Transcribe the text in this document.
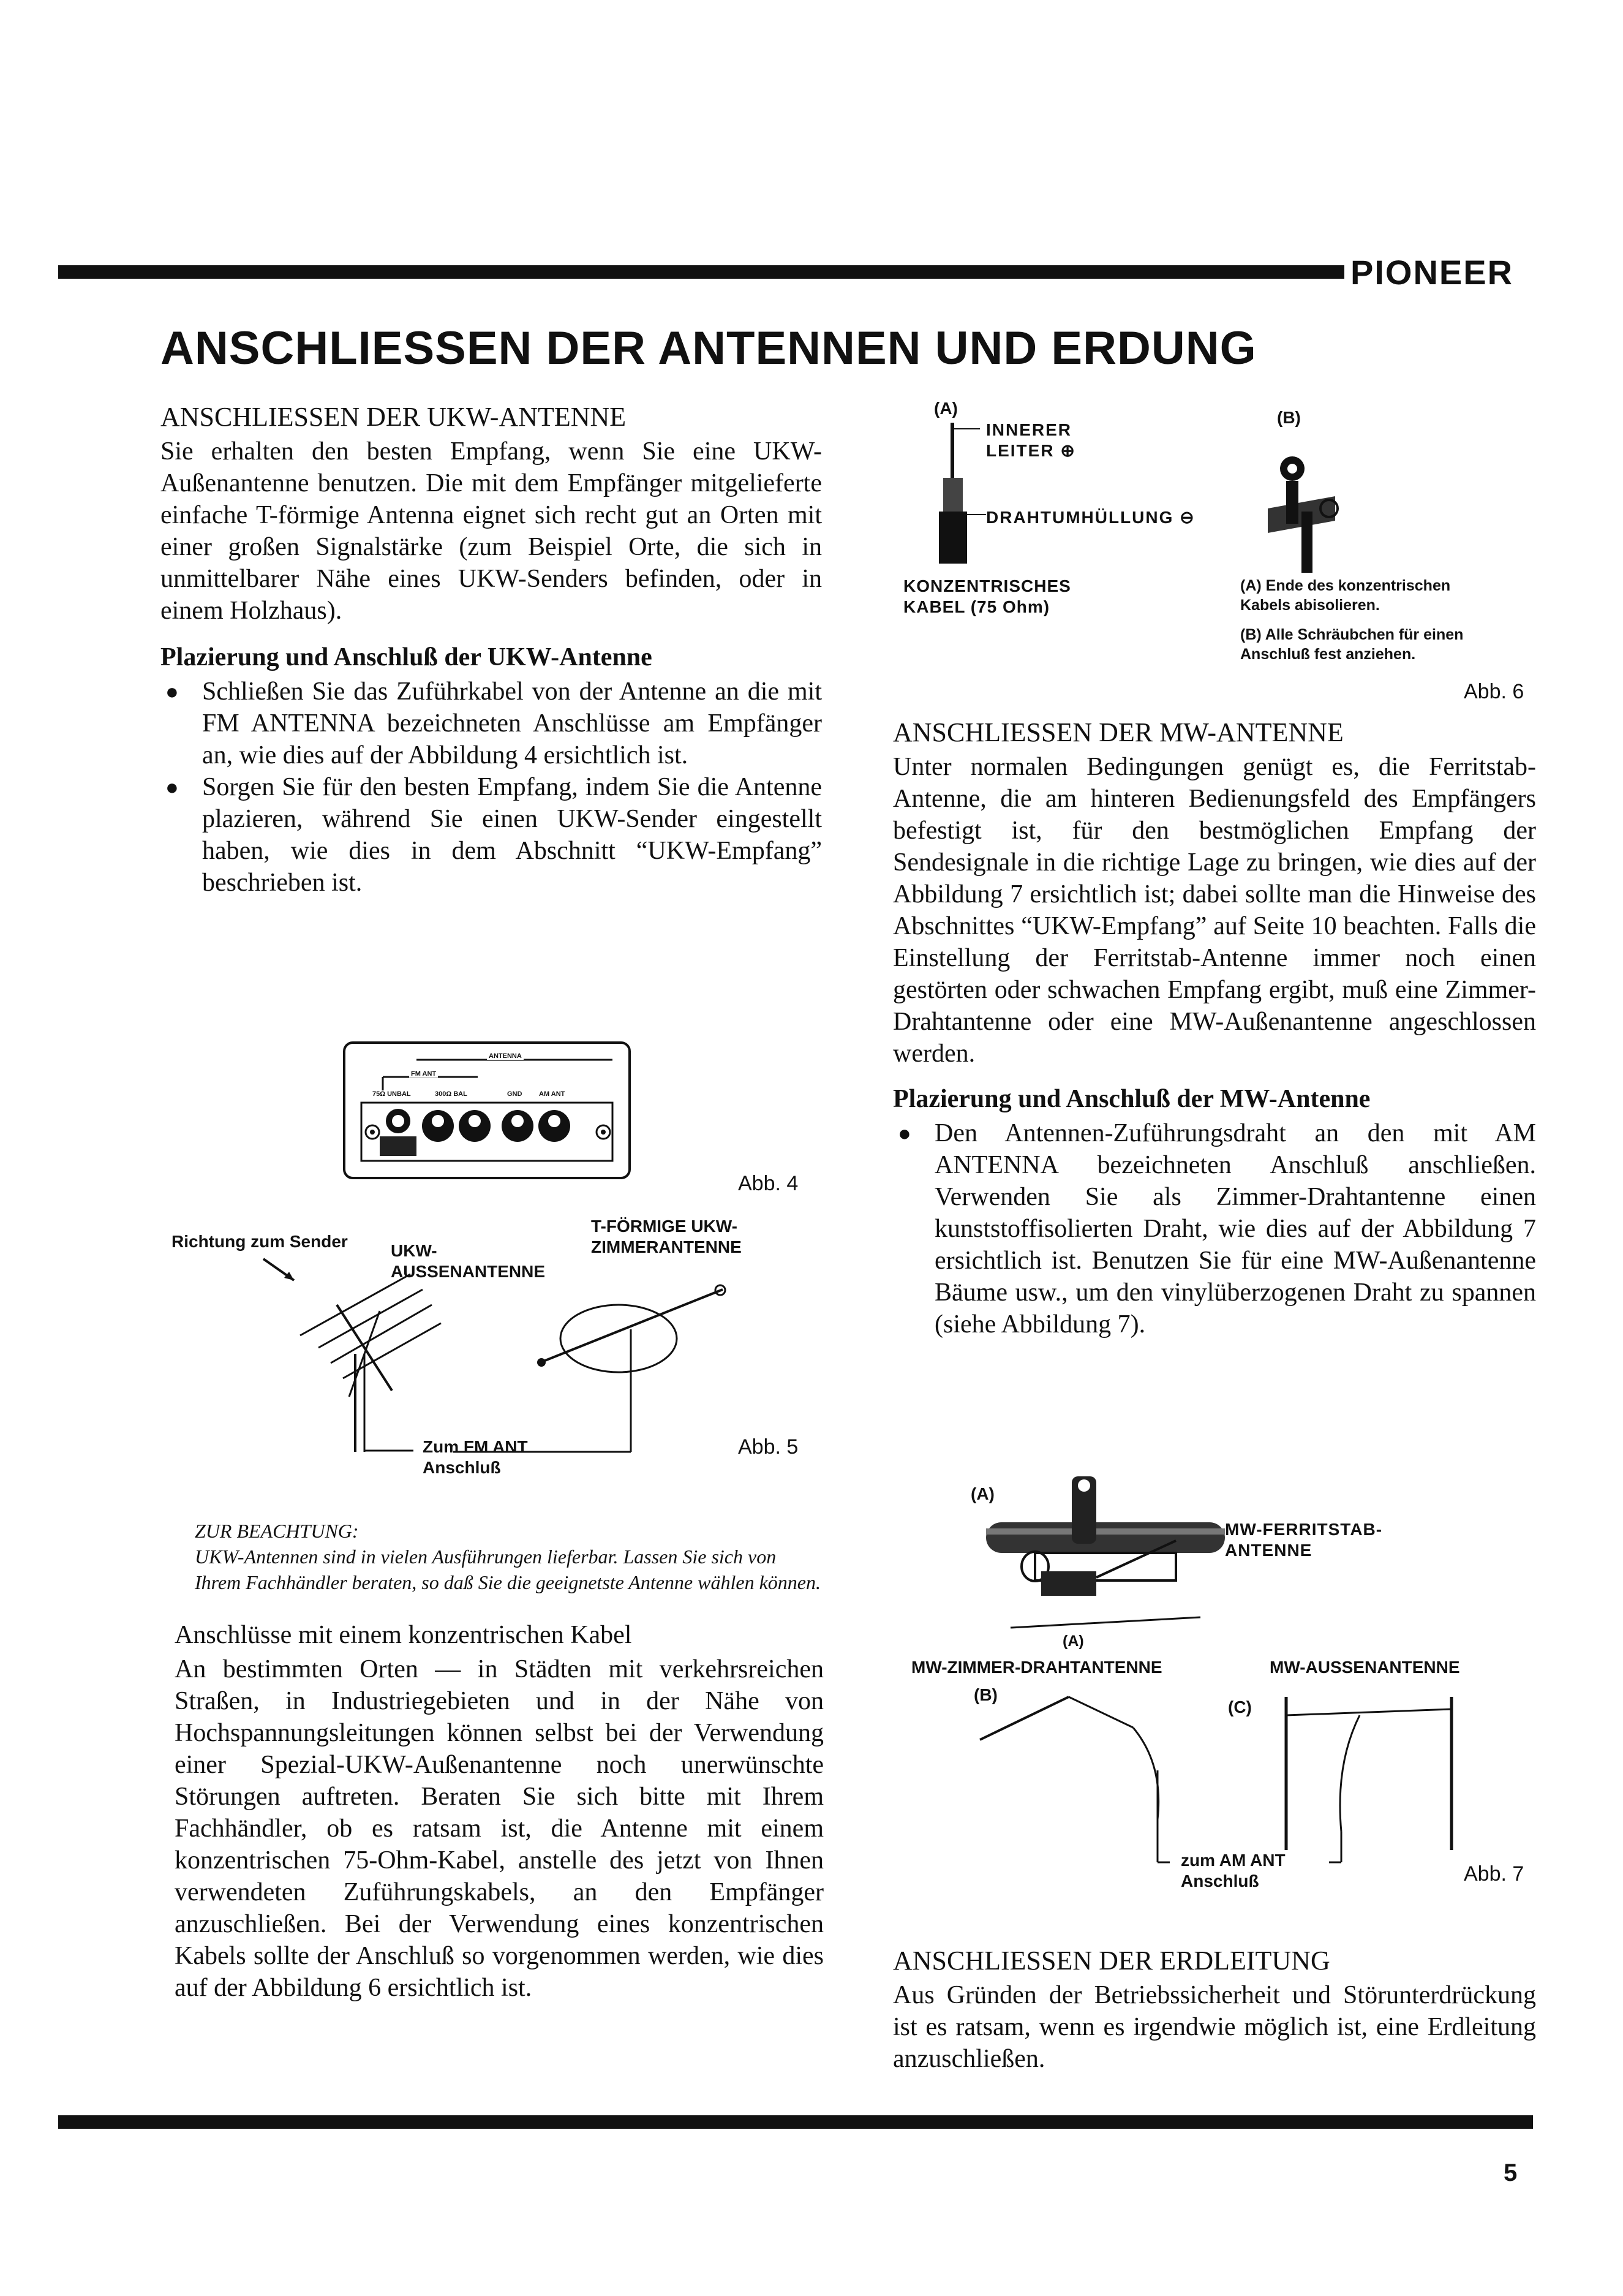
PIONEER
ANSCHLIESSEN DER ANTENNEN UND ERDUNG
ANSCHLIESSEN DER UKW-ANTENNE

Sie erhalten den besten Empfang, wenn Sie eine UKW-Außenantenne benutzen. Die mit dem Empfänger mitgelieferte einfache T-förmige Antenna eignet sich recht gut an Orten mit einer großen Signalstärke (zum Beispiel Orte, die sich in unmittelbarer Nähe eines UKW-Senders befinden, oder in einem Holzhaus).

Plazierung und Anschluß der UKW-Antenne
● Schließen Sie das Zuführkabel von der Antenne an die mit FM ANTENNA bezeichneten Anschlüsse am Empfänger an, wie dies auf der Abbildung 4 ersichtlich ist.

● Sorgen Sie für den besten Empfang, indem Sie die Antenne plazieren, während Sie einen UKW-Sender eingestellt haben, wie dies in dem Abschnitt “UKW-Empfang” beschrieben ist.

ANTENNA
FM ANT
75Ω UNBAL	300Ω BAL	GND	AM ANT
Abb. 4
Richtung zum Sender	UKW-
AUSSENANTENNE
T-FÖRMIGE UKW-
ZIMMERANTENNE
Zum FM ANT
Anschluß
Abb. 5

ZUR BEACHTUNG:

UKW-Antennen sind in vielen Ausführungen lieferbar. Lassen Sie sich von Ihrem Fachhändler beraten, so daß Sie die geeignetste Antenne wählen können.

Anschlüsse mit einem konzentrischen Kabel

An bestimmten Orten — in Städten mit verkehrsreichen Straßen, in Industriegebieten und in der Nähe von Hochspannungsleitungen können selbst bei der Verwendung einer Spezial-UKW-Außenantenne noch unerwünschte Störungen auftreten. Beraten Sie sich bitte mit Ihrem Fachhändler, ob es ratsam ist, die Antenne mit einem konzentrischen 75-Ohm-Kabel, anstelle des jetzt von Ihnen verwendeten Zuführungskabels, an den Empfänger anzuschließen. Bei der Verwendung eines konzentrischen Kabels sollte der Anschluß so vorgenommen werden, wie dies auf der Abbildung 6 ersichtlich ist.

(A)	(B)
INNERER
LEITER ⊕
DRAHTUMHÜLLUNG ⊖
KONZENTRISCHES
KABEL (75 Ohm)
(A) Ende des konzentrischen
Kabels abisolieren.
(B) Alle Schräubchen für einen
Anschluß fest anziehen.
Abb. 6
ANSCHLIESSEN DER MW-ANTENNE

Unter normalen Bedingungen genügt es, die Ferritstab-Antenne, die am hinteren Bedienungsfeld des Empfängers befestigt ist, für den bestmöglichen Empfang der Sendesignale in die richtige Lage zu bringen, wie dies auf der Abbildung 7 ersichtlich ist; dabei sollte man die Hinweise des Abschnittes “UKW-Empfang” auf Seite 10 beachten. Falls die Einstellung der Ferritstab-Antenne immer noch einen gestörten oder schwachen Empfang ergibt, muß eine Zimmer-Drahtantenne oder eine MW-Außenantenne angeschlossen werden.

Plazierung und Anschluß der MW-Antenne
● Den Antennen-Zuführungsdraht an den mit AM ANTENNA bezeichneten Anschluß anschließen. Verwenden Sie als Zimmer-Drahtantenne einen kunststoffisolierten Draht, wie dies auf der Abbildung 7 ersichtlich ist. Benutzen Sie für eine MW-Außenantenne Bäume usw., um den vinylüberzogenen Draht zu spannen (siehe Abbildung 7).

(A)
MW-FERRITSTAB-
ANTENNE
(A)
MW-ZIMMER-DRAHTANTENNE	MW-AUSSENANTENNE
(B)
(C)
zum AM ANT
Anschluß	Abb. 7
ANSCHLIESSEN DER ERDLEITUNG

Aus Gründen der Betriebssicherheit und Störunterdrückung ist es ratsam, wenn es irgendwie möglich ist, eine Erdleitung anzuschließen.

5
